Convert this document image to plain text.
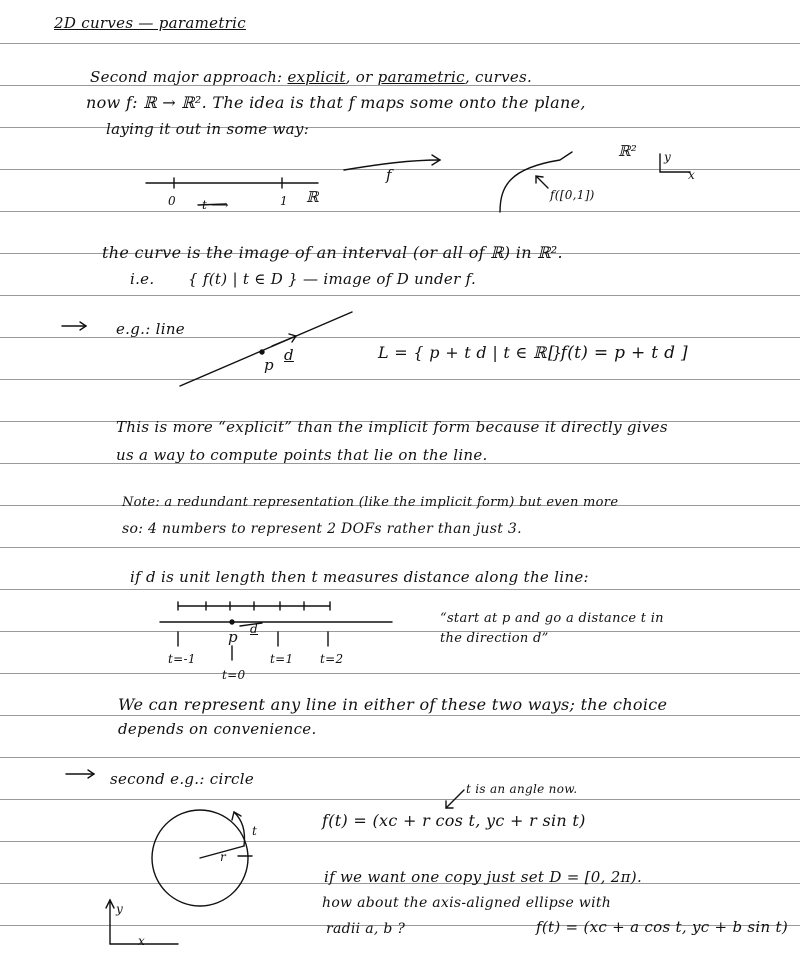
2D curves — parametric
Second major approach: explicit, or parametric, curves.
now f: ℝ → ℝ². The idea is that f maps some onto the plane,
laying it out in some way:
0	1 ℝ
t ⟶
f
f([0,1])
ℝ² y
x
the curve is the image of an interval (or all of ℝ) in ℝ².
i.e. { f(t) | t ∈ D } — image of D under f.
e.g.: line
p
d	L = { p + t d | t ∈ ℝ }
[ f(t) = p + t d ]
This is more “explicit” than the implicit form because it directly gives
us a way to compute points that lie on the line.
Note: a redundant representation (like the implicit form) but even more
so: 4 numbers to represent 2 DOFs rather than just 3.
if d is unit length then t measures distance along the line:
p d
t=-1
t=0
t=1 t=2
“start at p and go a distance t in
the direction d”
We can represent any line in either of these two ways; the choice
depends on convenience.
second e.g.: circle
t is an angle now.
r
t
y
x
f(t) = (xc + r cos t, yc + r sin t)
if we want one copy just set D = [0, 2π).
how about the axis-aligned ellipse with
radii a, b ?	f(t) = (xc + a cos t, yc + b sin t)
